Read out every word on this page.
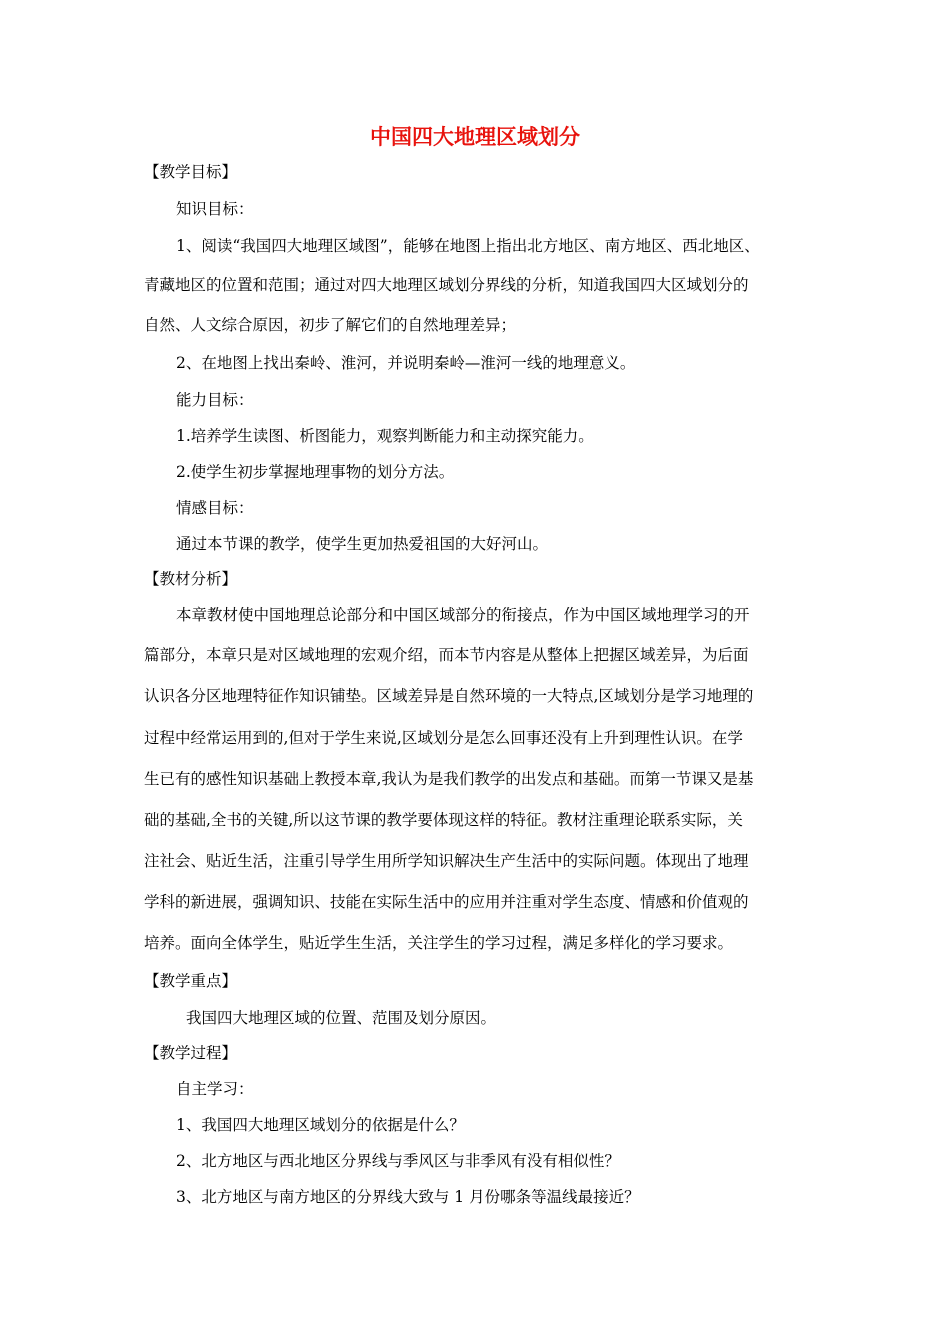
中国四大地理区域划分
【教学目标】
知识目标：
1、阅读“我国四大地理区域图”，能够在地图上指出北方地区、南方地区、西北地区、
青藏地区的位置和范围；通过对四大地理区域划分界线的分析，知道我国四大区域划分的
自然、人文综合原因，初步了解它们的自然地理差异；
2、在地图上找出秦岭、淮河，并说明秦岭—淮河一线的地理意义。
能力目标：
1.培养学生读图、析图能力，观察判断能力和主动探究能力。
2.使学生初步掌握地理事物的划分方法。
情感目标：
通过本节课的教学，使学生更加热爱祖国的大好河山。
【教材分析】
本章教材使中国地理总论部分和中国区域部分的衔接点，作为中国区域地理学习的开
篇部分，本章只是对区域地理的宏观介绍，而本节内容是从整体上把握区域差异，为后面
认识各分区地理特征作知识铺垫。区域差异是自然环境的一大特点,区域划分是学习地理的
过程中经常运用到的,但对于学生来说,区域划分是怎么回事还没有上升到理性认识。在学
生已有的感性知识基础上教授本章,我认为是我们教学的出发点和基础。而第一节课又是基
础的基础,全书的关键,所以这节课的教学要体现这样的特征。教材注重理论联系实际，关
注社会、贴近生活，注重引导学生用所学知识解决生产生活中的实际问题。体现出了地理
学科的新进展，强调知识、技能在实际生活中的应用并注重对学生态度、情感和价值观的
培养。面向全体学生，贴近学生生活，关注学生的学习过程，满足多样化的学习要求。
【教学重点】
我国四大地理区域的位置、范围及划分原因。
【教学过程】
自主学习：
1、我国四大地理区域划分的依据是什么？
2、北方地区与西北地区分界线与季风区与非季风有没有相似性？
3、北方地区与南方地区的分界线大致与 1 月份哪条等温线最接近？
